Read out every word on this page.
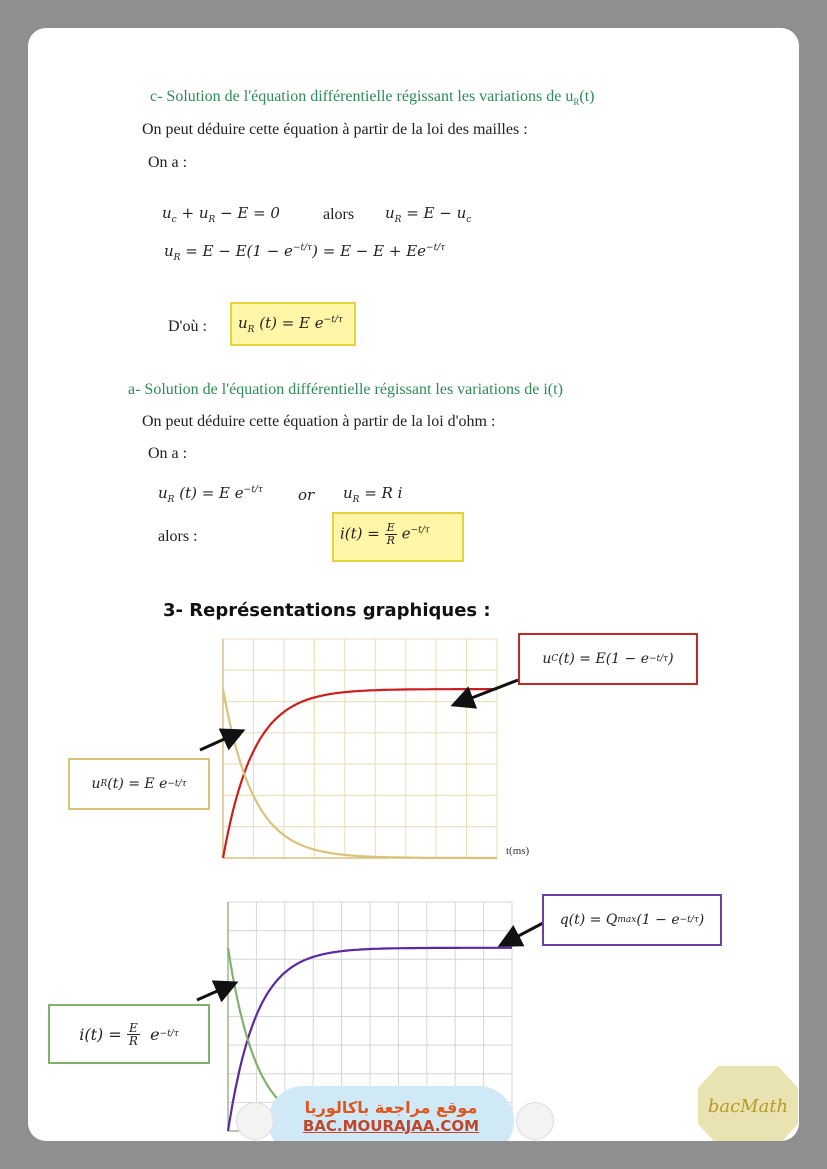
c- Solution de l'équation différentielle régissant les variations de $u_R(t)$
On peut déduire cette équation à partir de la loi des mailles :
On a :
$u_c + u_R - E = 0$	alors $u_R = E - u_c$
$u_R = E - E(1 - e^{-t/\tau}) = E - E + Ee^{-t/\tau}$
D'où : $u_R$ (t) = E $e^{-t/\tau}$
a- Solution de l'équation différentielle régissant les variations de i(t)
On peut déduire cette équation à partir de la loi d'ohm :
On a :
$u_R$ (t) = E $e^{-t/\tau}$ or $u_R = R$ i
alors :	$i(t) = \frac{E}{R} e^{-t/\tau}$
3- Représentations graphiques :
t(ms)
u C (t) = E(1 − e −t/τ )
u R (t) = E e −t/τ
q(t) = Q max (1 − e −t/τ )
i(t) =
$\frac{E}{R}$ e −t/τ
موقع مراجعة باكالوريا
BAC.MOURAJAA.COM
bacMath
